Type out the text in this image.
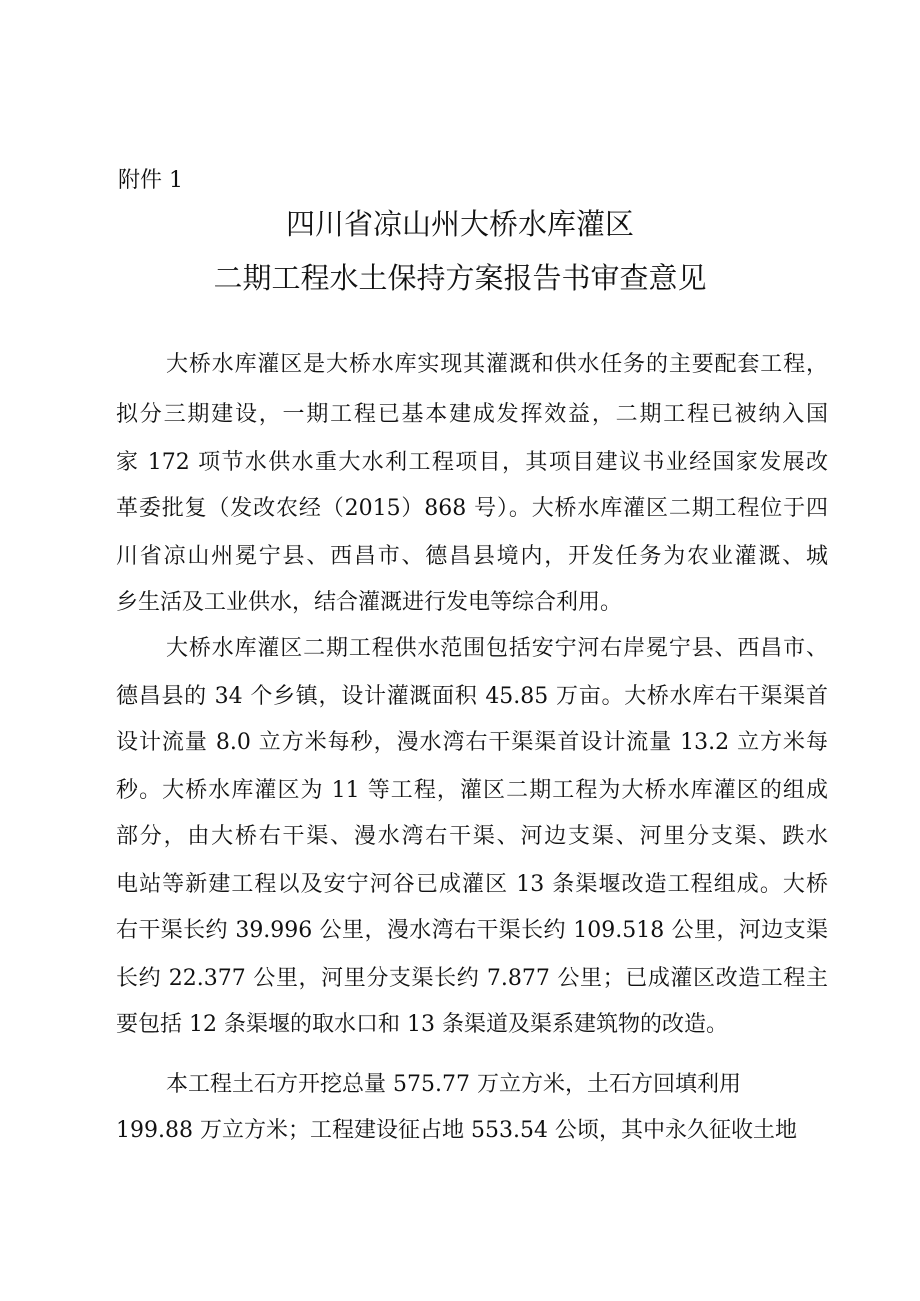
附件 1
四川省凉山州大桥水库灌区
二期工程水土保持方案报告书审查意见
大桥水库灌区是大桥水库实现其灌溉和供水任务的主要配套工程，
拟分三期建设，一期工程已基本建成发挥效益，二期工程已被纳入国
家 172 项节水供水重大水利工程项目，其项目建议书业经国家发展改
革委批复（发改农经（2015）868 号）。大桥水库灌区二期工程位于四
川省凉山州冕宁县、西昌市、德昌县境内，开发任务为农业灌溉、城
乡生活及工业供水，结合灌溉进行发电等综合利用。
大桥水库灌区二期工程供水范围包括安宁河右岸冕宁县、西昌市、
德昌县的 34 个乡镇，设计灌溉面积 45.85 万亩。大桥水库右干渠渠首
设计流量 8.0 立方米每秒，漫水湾右干渠渠首设计流量 13.2 立方米每
秒。大桥水库灌区为 11 等工程，灌区二期工程为大桥水库灌区的组成
部分，由大桥右干渠、漫水湾右干渠、河边支渠、河里分支渠、跌水
电站等新建工程以及安宁河谷已成灌区 13 条渠堰改造工程组成。大桥
右干渠长约 39.996 公里，漫水湾右干渠长约 109.518 公里，河边支渠
长约 22.377 公里，河里分支渠长约 7.877 公里；已成灌区改造工程主
要包括 12 条渠堰的取水口和 13 条渠道及渠系建筑物的改造。
本工程土石方开挖总量 575.77 万立方米，土石方回填利用
199.88 万立方米；工程建设征占地 553.54 公顷，其中永久征收土地
